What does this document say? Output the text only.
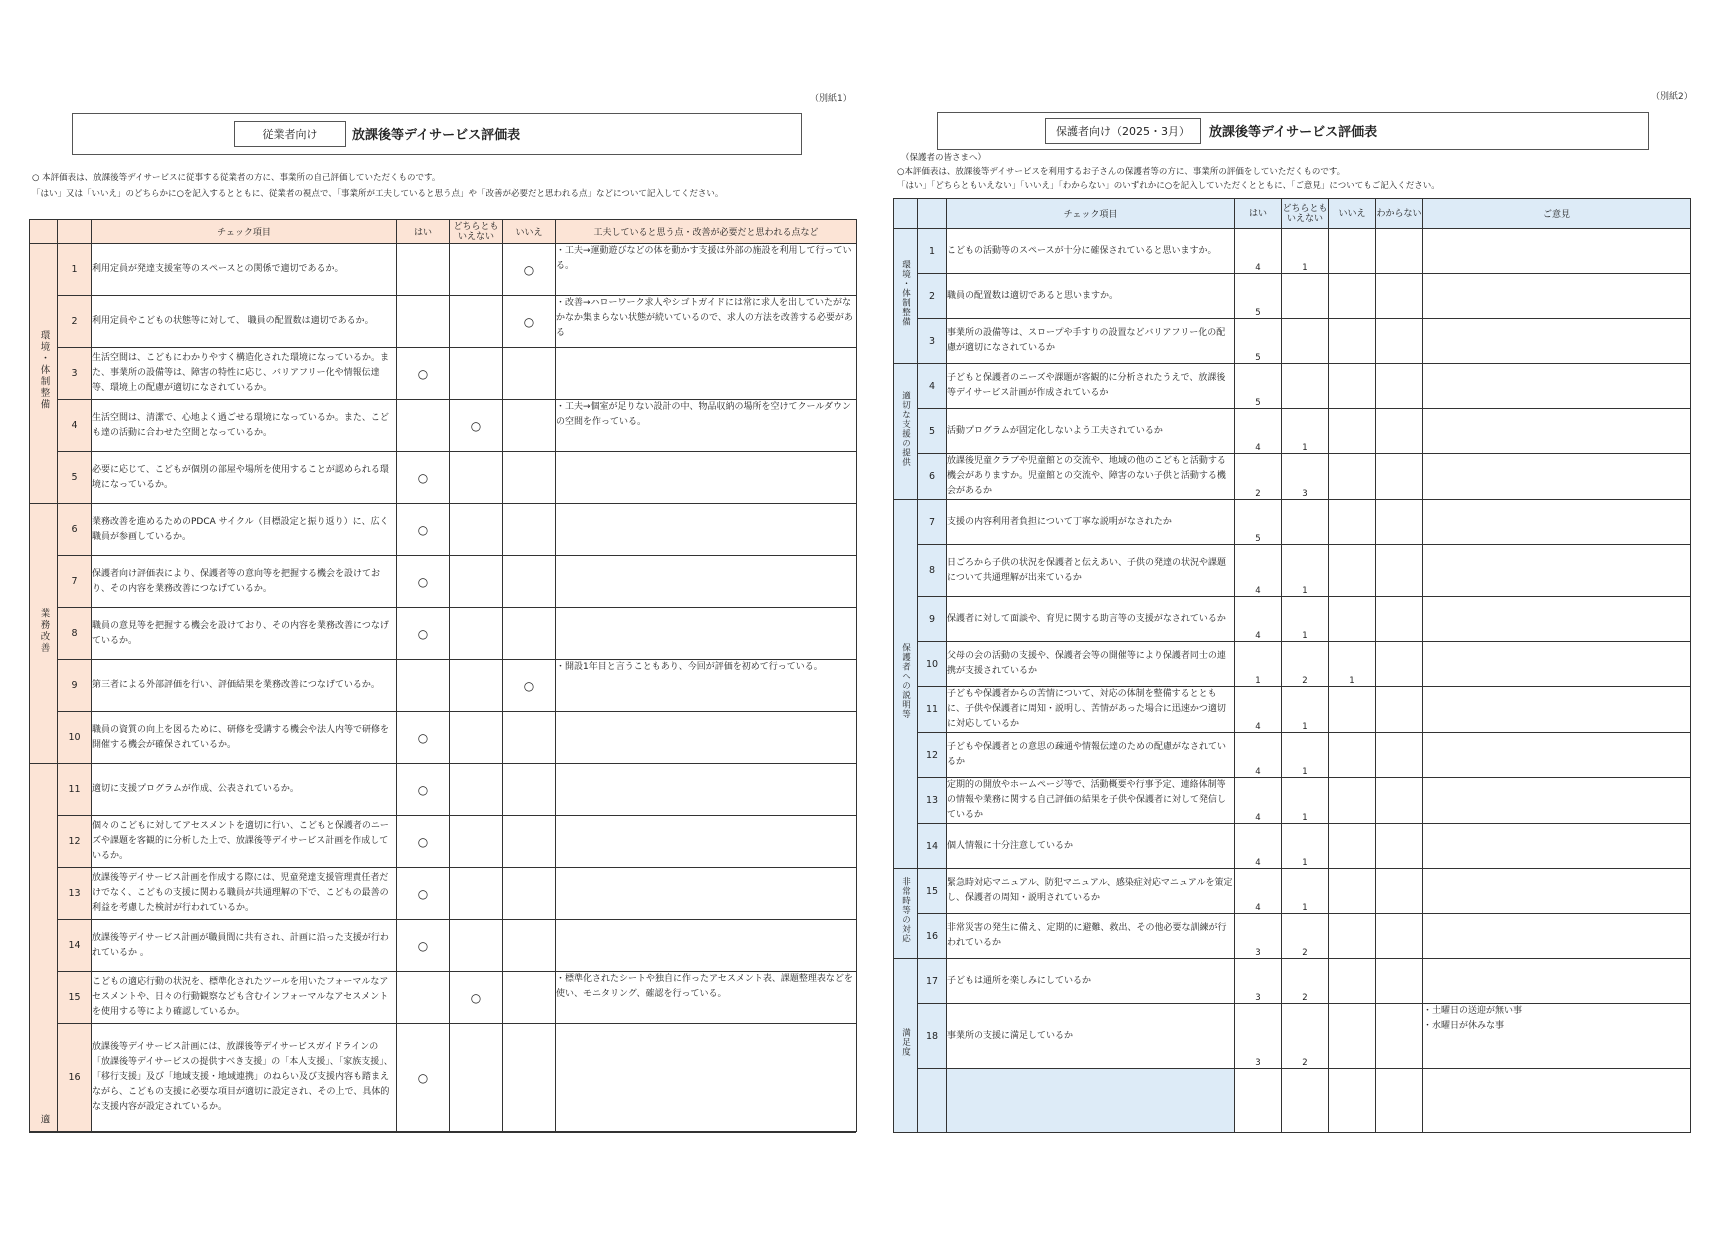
（別紙1）
従業者向け	放課後等デイサービス評価表
○ 本評価表は、放課後等デイサービスに従事する従業者の方に、事業所の自己評価していただくものです。
「はい」又は「いいえ」のどちらかに○を記入するとともに、従業者の視点で、「事業所が工夫していると思う点」や「改善が必要だと思われる点」などについて記入してください。
		チェック項目	はい	どちらともいえない	いいえ	工夫していると思う点・改善が必要だと思われる点など
環境・体制整備	1	利用定員が発達支援室等のスペースとの関係で適切であるか。			○	・工夫→運動遊びなどの体を動かす支援は外部の施設を利用して行っている。
	2	利用定員やこどもの状態等に対して、 職員の配置数は適切であるか。			○	・改善→ハローワーク求人やシゴトガイドには常に求人を出していたがなかなか集まらない状態が続いているので、求人の方法を改善する必要がある
	3	生活空間は、こどもにわかりやすく構造化された環境になっているか。また、事業所の設備等は、障害の特性に応じ、バリアフリー化や情報伝達等、環境上の配慮が適切になされているか。	○			
	4	生活空間は、清潔で、心地よく過ごせる環境になっているか。また、こども達の活動に合わせた空間となっているか。		○		・工夫→個室が足りない設計の中、物品収納の場所を空けてクールダウンの空間を作っている。
	5	必要に応じて、こどもが個別の部屋や場所を使用することが認められる環境になっているか。	○			
業務改善	6	業務改善を進めるためのPDCA サイクル（目標設定と振り返り）に、広く職員が参画しているか。	○			
	7	保護者向け評価表により、保護者等の意向等を把握する機会を設けており、その内容を業務改善につなげているか。	○			
	8	職員の意見等を把握する機会を設けており、その内容を業務改善につなげているか。	○			
	9	第三者による外部評価を行い、評価結果を業務改善につなげているか。			○	・開設1年目と言うこともあり、今回が評価を初めて行っている。
	10	職員の資質の向上を図るために、研修を受講する機会や法人内等で研修を開催する機会が確保されているか。	○			
適	11	適切に支援プログラムが作成、公表されているか。	○			
	12	個々のこどもに対してアセスメントを適切に行い、こどもと保護者のニーズや課題を客観的に分析した上で、放課後等デイサービス計画を作成しているか。	○			
	13	放課後等デイサービス計画を作成する際には、児童発達支援管理責任者だけでなく、こどもの支援に関わる職員が共通理解の下で、こどもの最善の利益を考慮した検討が行われているか。	○			
	14	放課後等デイサービス計画が職員間に共有され、計画に沿った支援が行われているか 。	○			
	15	こどもの適応行動の状況を、標準化されたツールを用いたフォーマルなアセスメントや、日々の行動観察なども含むインフォーマルなアセスメントを使用する等により確認しているか。		○		・標準化されたシートや独自に作ったアセスメント表、課題整理表などを使い、モニタリング、確認を行っている。
	16	放課後等デイサービス計画には、放課後等デイサービスガイドラインの「放課後等デイサービスの提供すべき支援」の「本人支援」、「家族支援」、「移行支援」及び「地域支援・地域連携」のねらい及び支援内容も踏まえながら、こどもの支援に必要な項目が適切に設定され、その上で、具体的な支援内容が設定されているか。	○			
（別紙2）
保護者向け（2025・3月）	放課後等デイサービス評価表
（保護者の皆さまへ）
○本評価表は、放課後等デイサービスを利用するお子さんの保護者等の方に、事業所の評価をしていただくものです。
「はい」「どちらともいえない」「いいえ」「わからない」のいずれかに○を記入していただくとともに、「ご意見」についてもご記入ください。
		チェック項目	はい	どちらともいえない	いいえ	わからない	ご意見	
環境・体制整備	1	こどもの活動等のスペースが十分に確保されていると思いますか。	4	1				
	2	職員の配置数は適切であると思いますか。	5					
	3	事業所の設備等は、スロープや手すりの設置などバリアフリー化の配慮が適切になされているか	5					
適切な支援の提供	4	子どもと保護者のニーズや課題が客観的に分析されたうえで、放課後等デイサービス計画が作成されているか	5					
	5	活動プログラムが固定化しないよう工夫されているか	4	1				
	6	放課後児童クラブや児童館との交流や、地域の他のこどもと活動する機会がありますか。児童館との交流や、障害のない子供と活動する機会があるか	2	3				
保護者への説明等	7	支援の内容利用者負担について丁寧な説明がなされたか	5					
	8	日ごろから子供の状況を保護者と伝えあい、子供の発達の状況や課題について共通理解が出来ているか	4	1				
	9	保護者に対して面談や、育児に関する助言等の支援がなされているか	4	1				
	10	父母の会の活動の支援や、保護者会等の開催等により保護者同士の連携が支援されているか	1	2	1			
	11	子どもや保護者からの苦情について、対応の体制を整備するとともに、子供や保護者に周知・説明し、苦情があった場合に迅速かつ適切に対応しているか	4	1				
	12	子どもや保護者との意思の疎通や情報伝達のための配慮がなされているか	4	1				
	13	定期的の開放やホームページ等で、活動概要や行事予定、連絡体制等の情報や業務に関する自己評価の結果を子供や保護者に対して発信しているか	4	1				
	14	個人情報に十分注意しているか	4	1				
非常時等の対応	15	緊急時対応マニュアル、防犯マニュアル、感染症対応マニュアルを策定し、保護者の周知・説明されているか	4	1				
	16	非常災害の発生に備え、定期的に避難、救出、その他必要な訓練が行われているか	3	2				
満足度	17	子どもは通所を楽しみにしているか	3	2				
	18	事業所の支援に満足しているか	3	2			・土曜日の送迎が無い事
・水曜日が休みな事	
